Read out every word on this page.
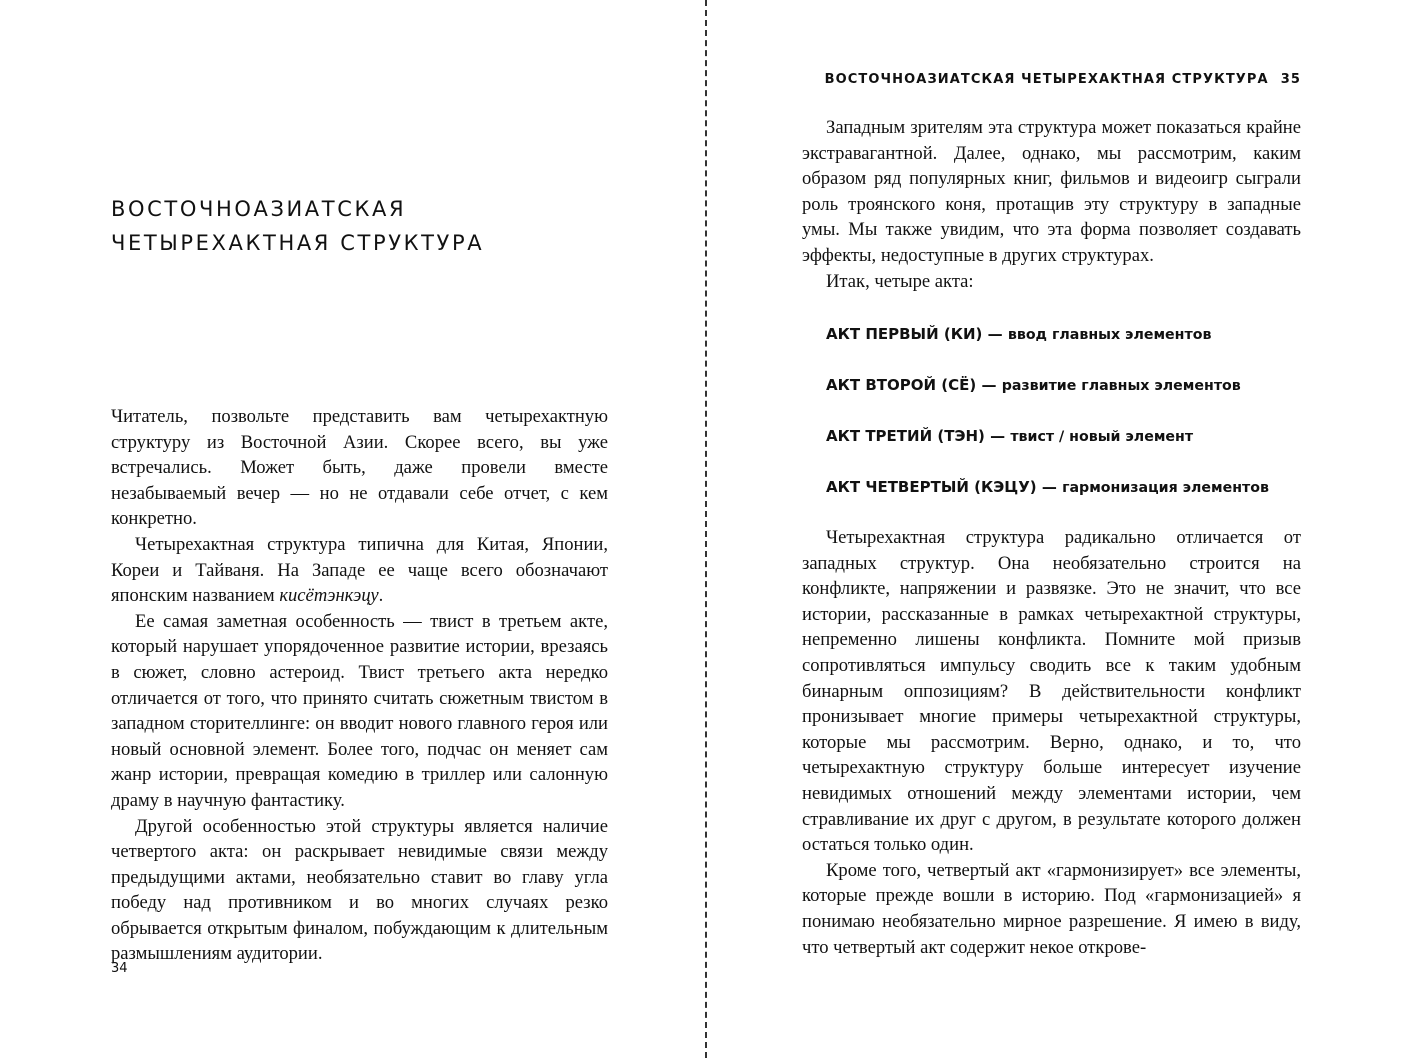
ВОСТОЧНОАЗИАТСКАЯ
ЧЕТЫРЕХАКТНАЯ СТРУКТУРА

Читатель, позвольте представить вам четырехактную структуру из Восточной Азии. Скорее всего, вы уже встречались. Может быть, даже провели вместе незабываемый вечер — но не отдавали себе отчет, с кем конкретно.

Четырехактная структура типична для Китая, Японии, Кореи и Тайваня. На Западе ее чаще всего обозначают японским названием кисётэнкэцу.

Ее самая заметная особенность — твист в третьем акте, который нарушает упорядоченное развитие истории, врезаясь в сюжет, словно астероид. Твист третьего акта нередко отличается от того, что принято считать сюжетным твистом в западном сторителлинге: он вводит нового главного героя или новый основной элемент. Более того, подчас он меняет сам жанр истории, превращая комедию в триллер или салонную драму в научную фантастику.

Другой особенностью этой структуры является наличие четвертого акта: он раскрывает невидимые связи между предыдущими актами, необязательно ставит во главу угла победу над противником и во многих случаях резко обрывается открытым финалом, побуждающим к длительным размышлениям аудитории.

34
ВОСТОЧНОАЗИАТСКАЯ ЧЕТЫРЕХАКТНАЯ СТРУКТУРА 35

Западным зрителям эта структура может показаться крайне экстравагантной. Далее, однако, мы рассмотрим, каким образом ряд популярных книг, фильмов и видеоигр сыграли роль троянского коня, протащив эту структуру в западные умы. Мы также увидим, что эта форма позволяет создавать эффекты, недоступные в других структурах.

Итак, четыре акта:

АКТ ПЕРВЫЙ (КИ) — ввод главных элементов
АКТ ВТОРОЙ (СЁ) — развитие главных элементов
АКТ ТРЕТИЙ (ТЭН) — твист / новый элемент
АКТ ЧЕТВЕРТЫЙ (КЭЦУ) — гармонизация элементов

Четырехактная структура радикально отличается от западных структур. Она необязательно строится на конфликте, напряжении и развязке. Это не значит, что все истории, рассказанные в рамках четырехактной структуры, непременно лишены конфликта. Помните мой призыв сопротивляться импульсу сводить все к таким удобным бинарным оппозициям? В действительности конфликт пронизывает многие примеры четырехактной структуры, которые мы рассмотрим. Верно, однако, и то, что четырехактную структуру больше интересует изучение невидимых отношений между элементами истории, чем стравливание их друг с другом, в результате которого должен остаться только один.

Кроме того, четвертый акт «гармонизирует» все элементы, которые прежде вошли в историю. Под «гармонизацией» я понимаю необязательно мирное разрешение. Я имею в виду, что четвертый акт содержит некое открове-
